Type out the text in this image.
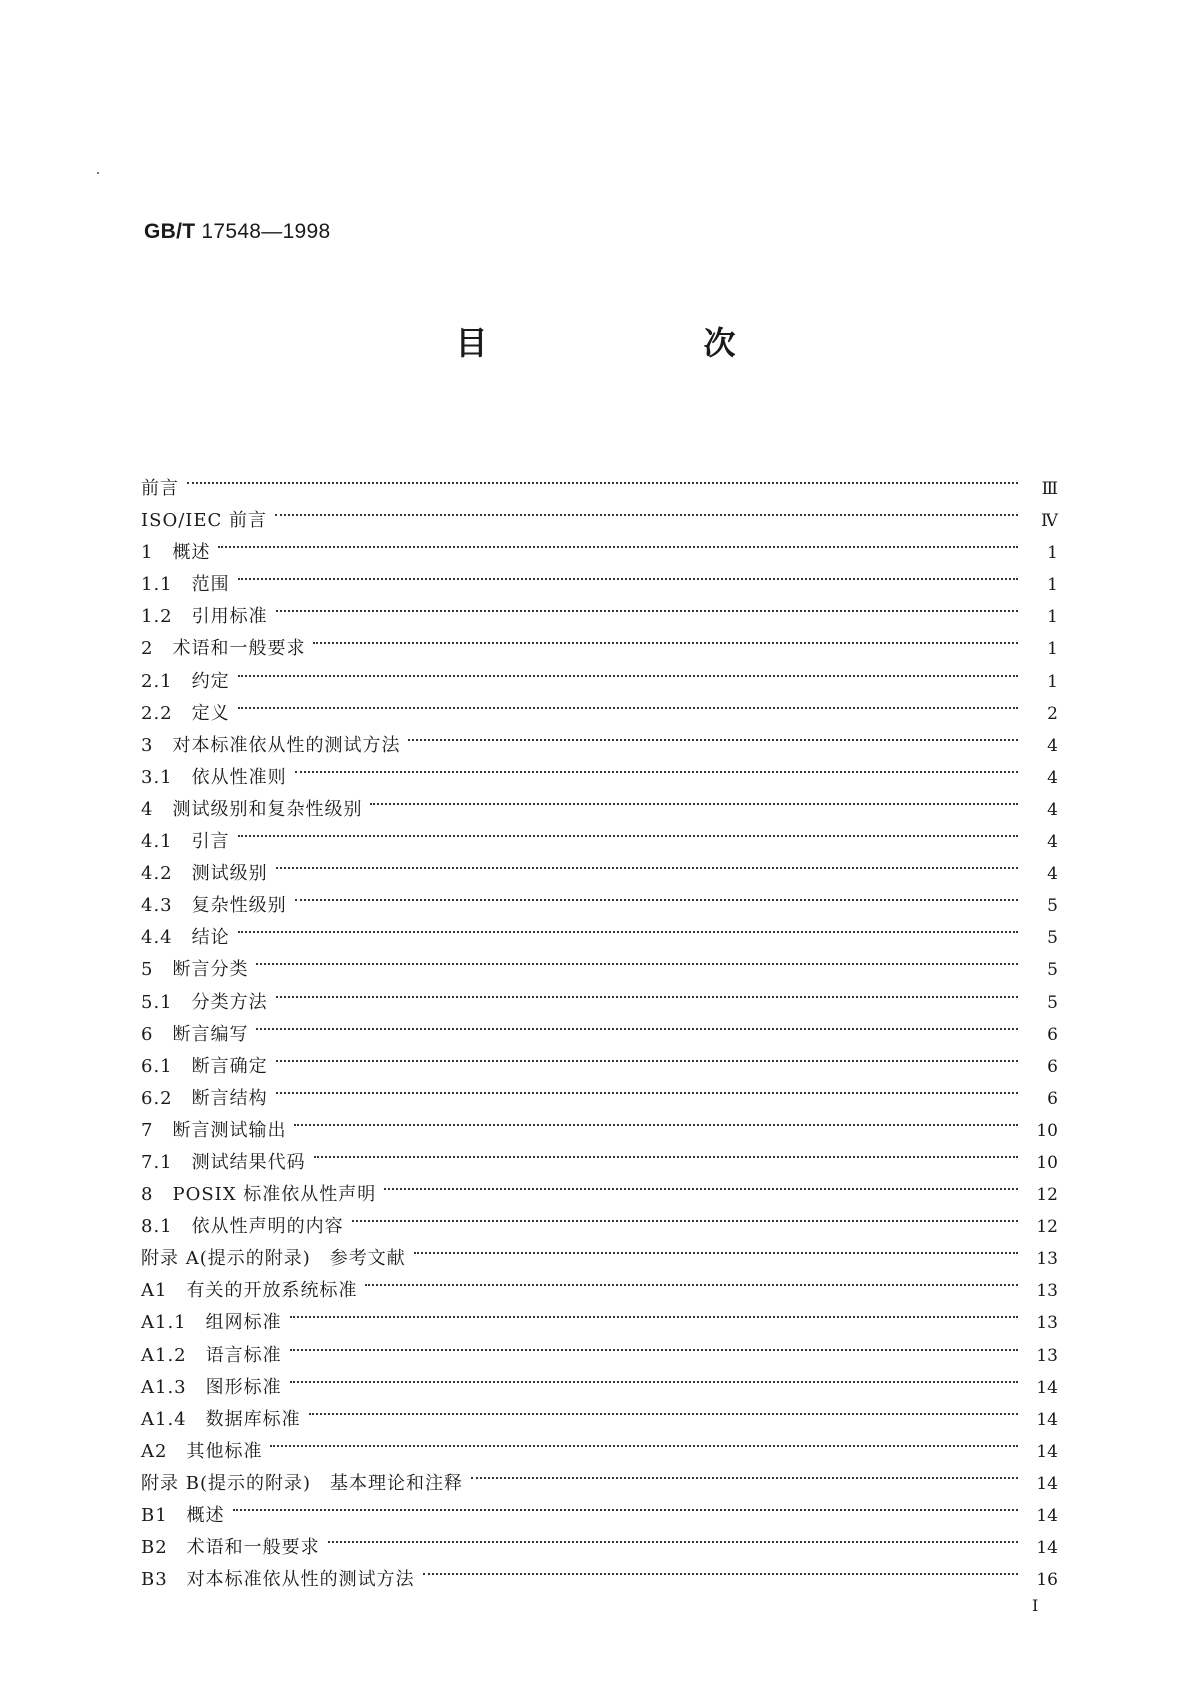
GB/T 17548—1998
目　次
前言	Ⅲ
ISO/IEC 前言	Ⅳ
1　概述	1
1.1　范围	1
1.2　引用标准	1
2　术语和一般要求	1
2.1　约定	1
2.2　定义	2
3　对本标准依从性的测试方法	4
3.1　依从性准则	4
4　测试级别和复杂性级别	4
4.1　引言	4
4.2　测试级别	4
4.3　复杂性级别	5
4.4　结论	5
5　断言分类	5
5.1　分类方法	5
6　断言编写	6
6.1　断言确定	6
6.2　断言结构	6
7　断言测试输出	10
7.1　测试结果代码	10
8　POSIX 标准依从性声明	12
8.1　依从性声明的内容	12
附录 A(提示的附录)　参考文献	13
A1　有关的开放系统标准	13
A1.1　组网标准	13
A1.2　语言标准	13
A1.3　图形标准	14
A1.4　数据库标准	14
A2　其他标准	14
附录 B(提示的附录)　基本理论和注释	14
B1　概述	14
B2　术语和一般要求	14
B3　对本标准依从性的测试方法	16
Ⅰ
